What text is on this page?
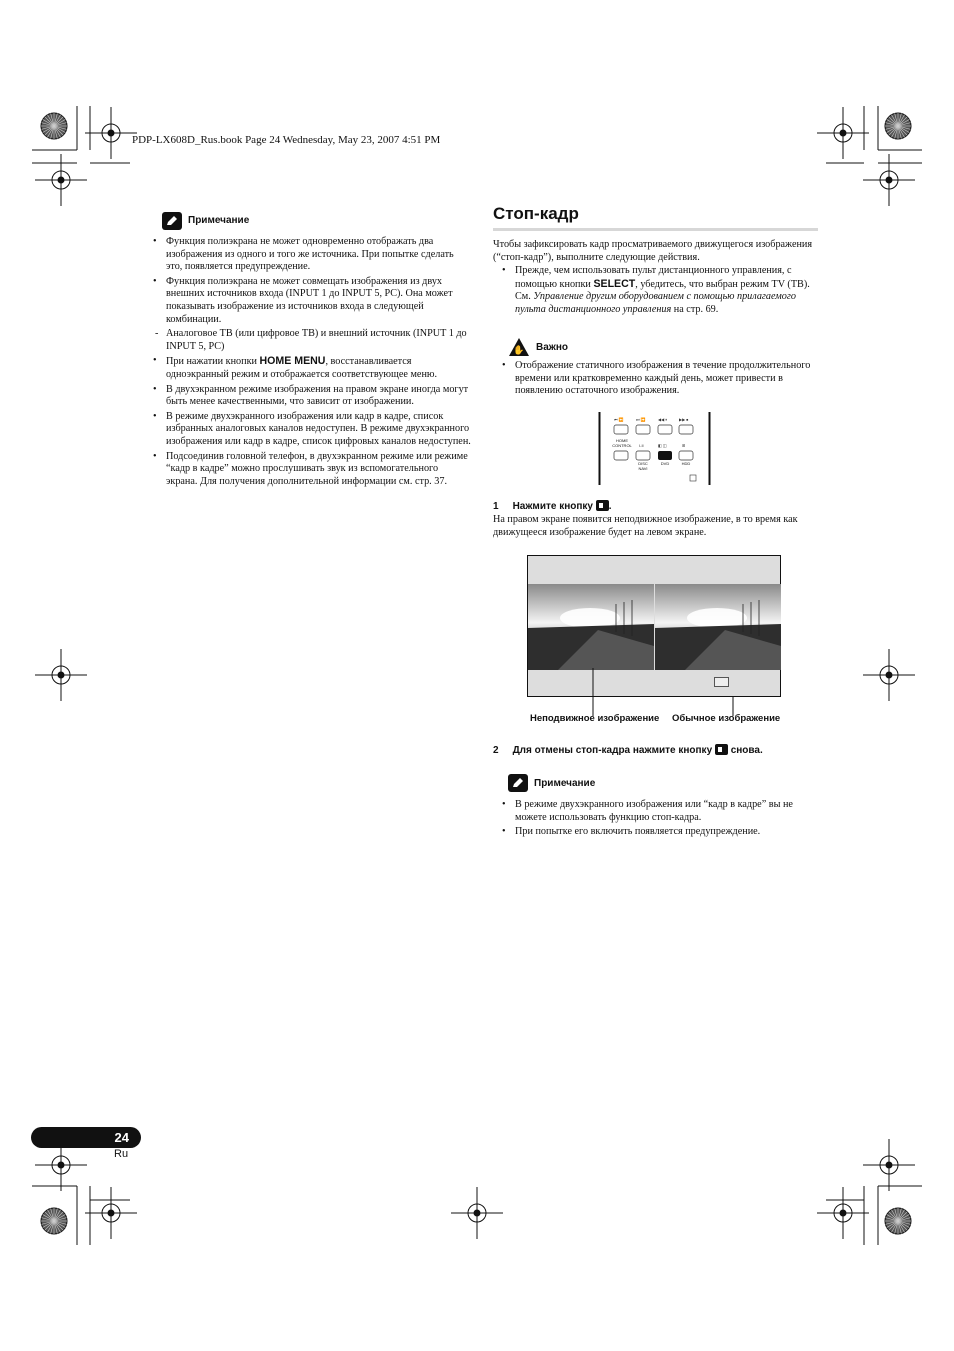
PDP-LX608D_Rus.book Page 24 Wednesday, May 23, 2007 4:51 PM
Примечание
• Функция полиэкрана не может одновременно отображать два изображения из одного и того же источника. При попытке сделать это, появляется предупреждение.
• Функция полиэкрана не может совмещать изображения из двух внешних источников входа (INPUT 1 до INPUT 5, PC). Она может показывать изображение из источников входа в следующей комбинации.
- Аналоговое ТВ (или цифровое ТВ) и внешний источник (INPUT 1 до INPUT 5, PC)
• При нажатии кнопки HOME MENU, восстанавливается одноэкранный режим и отображается соответствующее меню.
• В двухэкранном режиме изображения на правом экране иногда могут быть менее качественными, что зависит от изображении.
• В режиме двухэкранного изображения или кадр в кадре, список избранных аналоговых каналов недоступен. В режиме двухэкранного изображения или кадр в кадре, список цифровых каналов недоступен.
• Подсоединив головной телефон, в двухэкранном режиме или режиме “кадр в кадре” можно прослушивать звук из вспомогательного экрана. Для получения дополнительной информации см. стр. 37.
Стоп-кадр
Чтобы зафиксировать кадр просматриваемого движущегося изображения (“стоп-кадр”), выполните следующие действия.
• Прежде, чем использовать пульт дистанционного управления, с помощью кнопки SELECT, убедитесь, что выбран режим TV (ТВ). См. Управление другим оборудованием с помощью прилагаемого пульта дистанционного управления на стр. 69.
✋ Важно
• Отображение статичного изображения в течение продолжительного времени или кратковременно каждый день, может привести в появлению остаточного изображения.
⏮ ⏪	⏭ ⏩	◀◀ ⏸	▶▶ ⏹
◧ ◫	⊞
I-II
HOME CONTROL
DISC NAVI
DVD	HDD
1 Нажмите кнопку .
На правом экране появится неподвижное изображение, в то время как движущееся изображение будет на левом экране.
Неподвижное изображение Обычное изображение
2 Для отмены стоп-кадра нажмите кнопку снова.
Примечание
• В режиме двухэкранного изображения или “кадр в кадре” вы не можете использовать функцию стоп-кадра.
• При попытке его включить появляется предупреждение.
24
Ru
